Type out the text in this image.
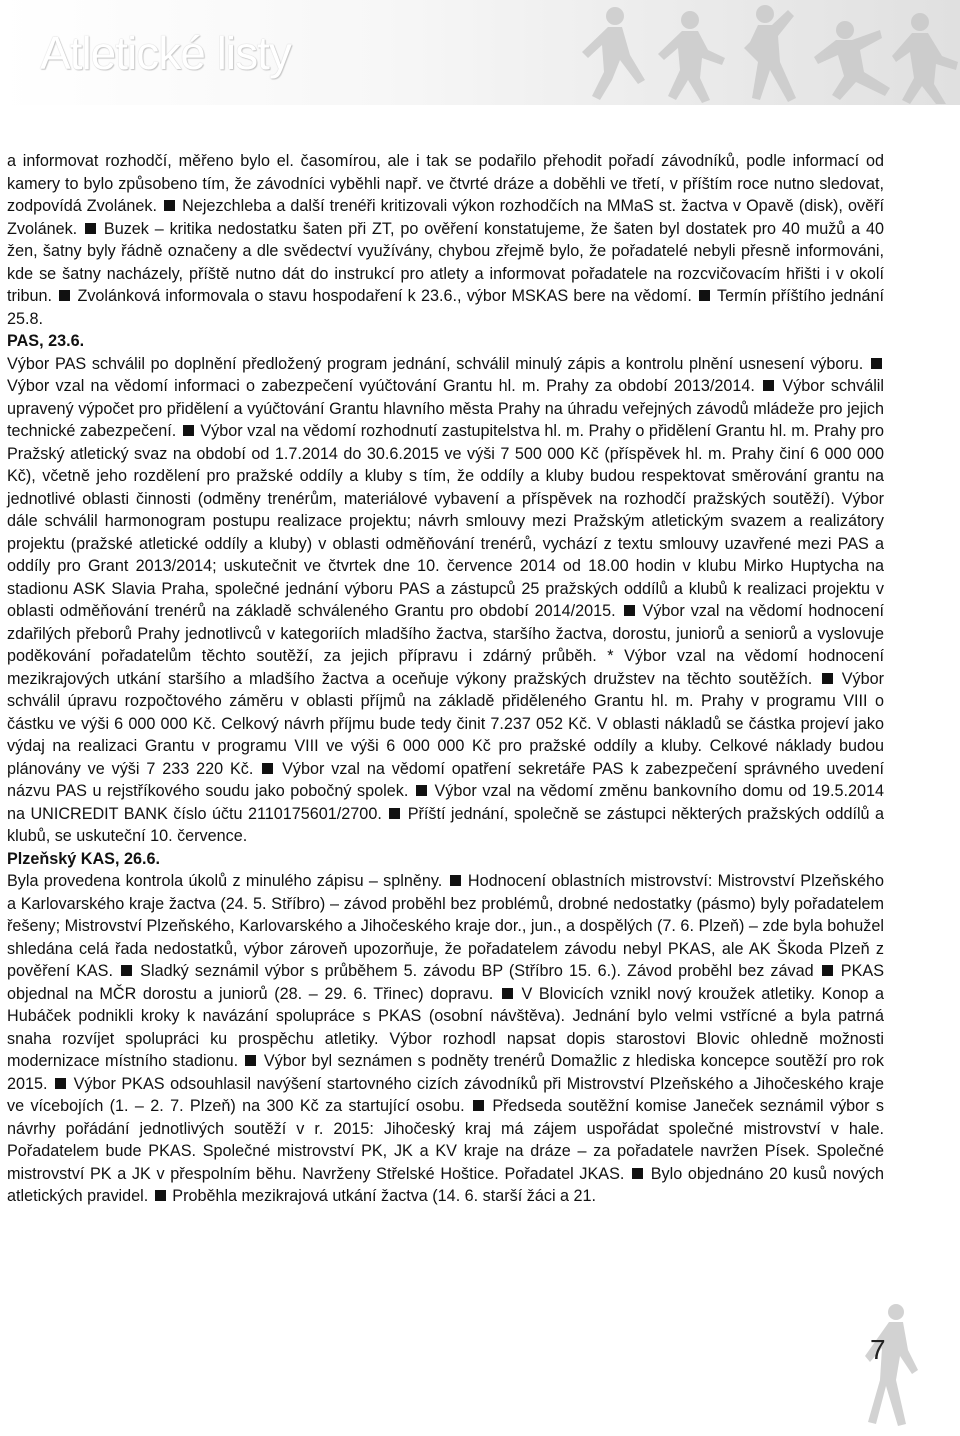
Atletické listy

a informovat rozhodčí, měřeno bylo el. časomírou, ale i tak se podařilo přehodit pořadí závodníků, podle informací od kamery to bylo způsobeno tím, že závodníci vyběhli např. ve čtvrté dráze a doběhli ve třetí, v příštím roce nutno sledovat, zodpovídá Zvolánek. Nejezchleba a další trenéři kritizovali výkon rozhodčích na MMaS st. žactva v Opavě (disk), ověří Zvolánek. Buzek – kritika nedostatku šaten při ZT, po ověření konstatujeme, že šaten byl dostatek pro 40 mužů a 40 žen, šatny byly řádně označeny a dle svědectví využívány, chybou zřejmě bylo, že pořadatelé nebyli přesně informováni, kde se šatny nacházely, příště nutno dát do instrukcí pro atlety a informovat pořadatele na rozcvičovacím hřišti i v okolí tribun. Zvolánková informovala o stavu hospodaření k 23.6., výbor MSKAS bere na vědomí. Termín příštího jednání 25.8.

PAS, 23.6.
Výbor PAS schválil po doplnění předložený program jednání, schválil minulý zápis a kontrolu plnění usnesení výboru.  Výbor vzal na vědomí informaci o zabezpečení vyúčtování Grantu hl. m. Prahy za období 2013/2014. Výbor schválil upravený výpočet pro přidělení a vyúčtování Grantu hlavního města Prahy na úhradu veřejných závodů mládeže pro jejich technické zabezpečení. Výbor vzal na vědomí rozhodnutí zastupitelstva hl. m. Prahy o přidělení Grantu hl. m. Prahy pro Pražský atletický svaz na období od 1.7.2014 do 30.6.2015 ve výši 7 500 000 Kč (příspěvek hl. m. Prahy činí 6 000 000 Kč), včetně jeho rozdělení pro pražské oddíly a kluby s tím, že oddíly a kluby budou respektovat směrování grantu na jednotlivé oblasti činnosti (odměny trenérům, materiálové vybavení a příspěvek na rozhodčí pražských soutěží). Výbor dále schválil harmonogram postupu realizace projektu; návrh smlouvy mezi Pražským atletickým svazem a realizátory projektu (pražské atletické oddíly a kluby) v oblasti odměňování trenérů, vychází z textu smlouvy uzavřené mezi PAS a oddíly pro Grant 2013/2014; uskutečnit ve čtvrtek dne 10. července 2014 od 18.00 hodin v klubu Mirko Huptycha na stadionu ASK Slavia Praha, společné jednání výboru PAS a zástupců 25 pražských oddílů a klubů k realizaci projektu v oblasti odměňování trenérů na základě schváleného Grantu pro období 2014/2015. Výbor vzal na vědomí hodnocení zdařilých přeborů Prahy jednotlivců v kategoriích mladšího žactva, staršího žactva, dorostu, juniorů a seniorů a vyslovuje poděkování pořadatelům těchto soutěží, za jejich přípravu i zdárný průběh. * Výbor vzal na vědomí hodnocení mezikrajových utkání staršího a mladšího žactva a oceňuje výkony pražských družstev na těchto soutěžích. Výbor schválil úpravu rozpočtového záměru v oblasti příjmů na základě přiděleného Grantu hl. m. Prahy v programu VIII o částku ve výši 6 000 000 Kč. Celkový návrh příjmu bude tedy činit 7.237 052 Kč. V oblasti nákladů se částka projeví jako výdaj na realizaci Grantu v programu VIII ve výši 6 000 000 Kč pro pražské oddíly a kluby. Celkové náklady budou plánovány ve výši 7 233 220 Kč. Výbor vzal na vědomí opatření sekretáře PAS k zabezpečení správného uvedení názvu PAS u rejstříkového soudu jako pobočný spolek. Výbor vzal na vědomí změnu bankovního domu od 19.5.2014 na UNICREDIT BANK číslo účtu 2110175601/2700. Příští jednání, společně se zástupci některých pražských oddílů a klubů, se uskuteční 10. července.

Plzeňský KAS, 26.6.
Byla provedena kontrola úkolů z minulého zápisu – splněny. Hodnocení oblastních mistrovství: Mistrovství Plzeňského a Karlovarského kraje žactva (24. 5. Stříbro) – závod proběhl bez problémů, drobné nedostatky (pásmo) byly pořadatelem řešeny; Mistrovství Plzeňského, Karlovarského a Jihočeského kraje dor., jun., a dospělých (7. 6. Plzeň) – zde byla bohužel shledána celá řada nedostatků, výbor zároveň upozorňuje, že pořadatelem závodu nebyl PKAS, ale AK Škoda Plzeň z pověření KAS. Sladký seznámil výbor s průběhem 5. závodu BP (Stříbro 15. 6.). Závod proběhl bez závad PKAS objednal na MČR dorostu a juniorů (28. – 29. 6. Třinec) dopravu. V Blovicích vznikl nový kroužek atletiky. Konop a Hubáček podnikli kroky k navázání spolupráce s PKAS (osobní návštěva). Jednání bylo velmi vstřícné a byla patrná snaha rozvíjet spolupráci ku prospěchu atletiky. Výbor rozhodl napsat dopis starostovi Blovic ohledně možnosti modernizace místního stadionu. Výbor byl seznámen s podněty trenérů Domažlic z hlediska koncepce soutěží pro rok 2015. Výbor PKAS odsouhlasil navýšení startovného cizích závodníků při Mistrovství Plzeňského a Jihočeského kraje ve vícebojích (1. – 2. 7. Plzeň) na 300 Kč za startující osobu. Předseda soutěžní komise Janeček seznámil výbor s návrhy pořádání jednotlivých soutěží v r. 2015: Jihočeský kraj má zájem uspořádat společné mistrovství v hale. Pořadatelem bude PKAS. Společné mistrovství PK, JK a KV kraje na dráze – za pořadatele navržen Písek. Společné mistrovství PK a JK v přespolním běhu. Navrženy Střelské Hoštice. Pořadatel JKAS. Bylo objednáno 20 kusů nových atletických pravidel. Proběhla mezikrajová utkání žactva (14. 6. starší žáci a 21.

7
